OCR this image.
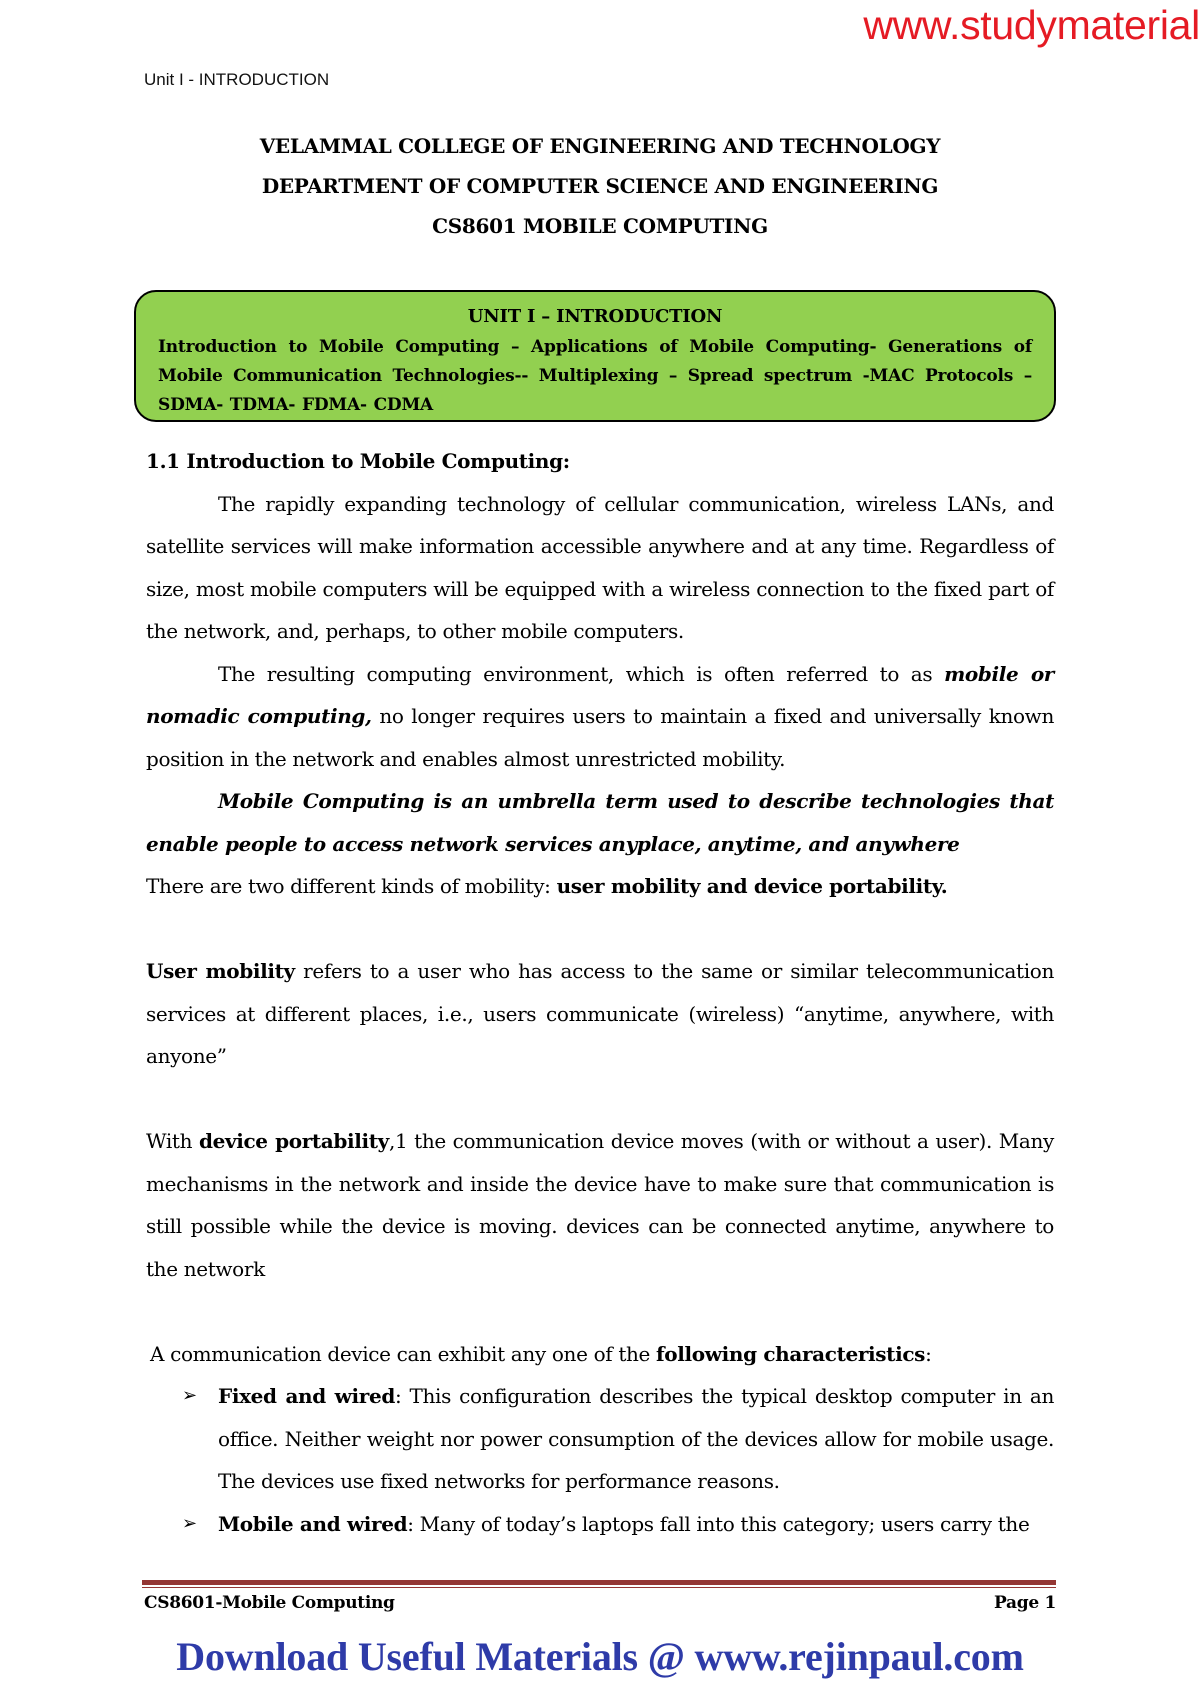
www.studymaterial
Unit I - INTRODUCTION
VELAMMAL COLLEGE OF ENGINEERING AND TECHNOLOGY
DEPARTMENT OF COMPUTER SCIENCE AND ENGINEERING
CS8601 MOBILE COMPUTING
UNIT I – INTRODUCTION
Introduction to Mobile Computing – Applications of Mobile Computing- Generations of Mobile Communication Technologies-- Multiplexing – Spread spectrum -MAC Protocols – SDMA- TDMA- FDMA- CDMA
1.1 Introduction to Mobile Computing:

The rapidly expanding technology of cellular communication, wireless LANs, and satellite services will make information accessible anywhere and at any time. Regardless of size, most mobile computers will be equipped with a wireless connection to the fixed part of the network, and, perhaps, to other mobile computers.

The resulting computing environment, which is often referred to as mobile or nomadic computing, no longer requires users to maintain a fixed and universally known position in the network and enables almost unrestricted mobility.

Mobile Computing is an umbrella term used to describe technologies that enable people to access network services anyplace, anytime, and anywhere

There are two different kinds of mobility: user mobility and device portability.

User mobility refers to a user who has access to the same or similar telecommunication services at different places, i.e., users communicate (wireless) “anytime, anywhere, with anyone”

With device portability,1 the communication device moves (with or without a user). Many mechanisms in the network and inside the device have to make sure that communication is still possible while the device is moving. devices can be connected anytime, anywhere to the network

A communication device can exhibit any one of the following characteristics:

➢ Fixed and wired: This configuration describes the typical desktop computer in an office. Neither weight nor power consumption of the devices allow for mobile usage. The devices use fixed networks for performance reasons.
➢ Mobile and wired: Many of today’s laptops fall into this category; users carry the
CS8601-Mobile Computing	Page 1
Download Useful Materials @ www.rejinpaul.com
